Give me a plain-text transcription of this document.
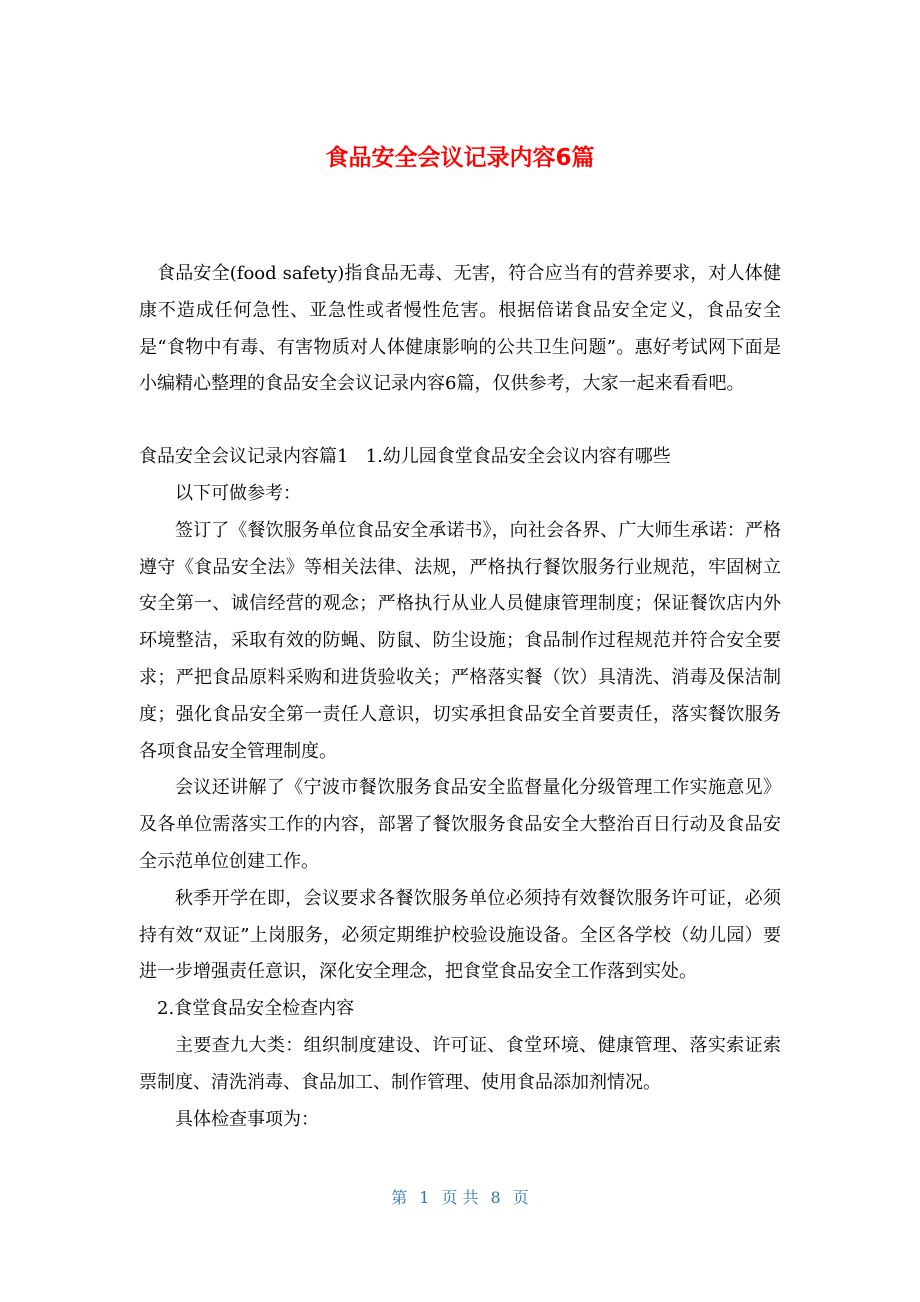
食品安全会议记录内容6篇

食品安全(food safety)指食品无毒、无害，符合应当有的营养要求，对人体健康不造成任何急性、亚急性或者慢性危害。根据倍诺食品安全定义，食品安全是“食物中有毒、有害物质对人体健康影响的公共卫生问题”。惠好考试网下面是小编精心整理的食品安全会议记录内容6篇，仅供参考，大家一起来看看吧。

食品安全会议记录内容篇1   1.幼儿园食堂食品安全会议内容有哪些

以下可做参考：

签订了《餐饮服务单位食品安全承诺书》，向社会各界、广大师生承诺：严格遵守《食品安全法》等相关法律、法规，严格执行餐饮服务行业规范，牢固树立安全第一、诚信经营的观念；严格执行从业人员健康管理制度；保证餐饮店内外环境整洁，采取有效的防蝇、防鼠、防尘设施；食品制作过程规范并符合安全要求；严把食品原料采购和进货验收关；严格落实餐（饮）具清洗、消毒及保洁制度；强化食品安全第一责任人意识，切实承担食品安全首要责任，落实餐饮服务各项食品安全管理制度。

会议还讲解了《宁波市餐饮服务食品安全监督量化分级管理工作实施意见》及各单位需落实工作的内容，部署了餐饮服务食品安全大整治百日行动及食品安全示范单位创建工作。

秋季开学在即，会议要求各餐饮服务单位必须持有效餐饮服务许可证，必须持有效“双证”上岗服务，必须定期维护校验设施设备。全区各学校（幼儿园）要进一步增强责任意识，深化安全理念，把食堂食品安全工作落到实处。

2.食堂食品安全检查内容

主要查九大类：组织制度建设、许可证、食堂环境、健康管理、落实索证索票制度、清洗消毒、食品加工、制作管理、使用食品添加剂情况。

具体检查事项为：

第 1 页 共 8 页
